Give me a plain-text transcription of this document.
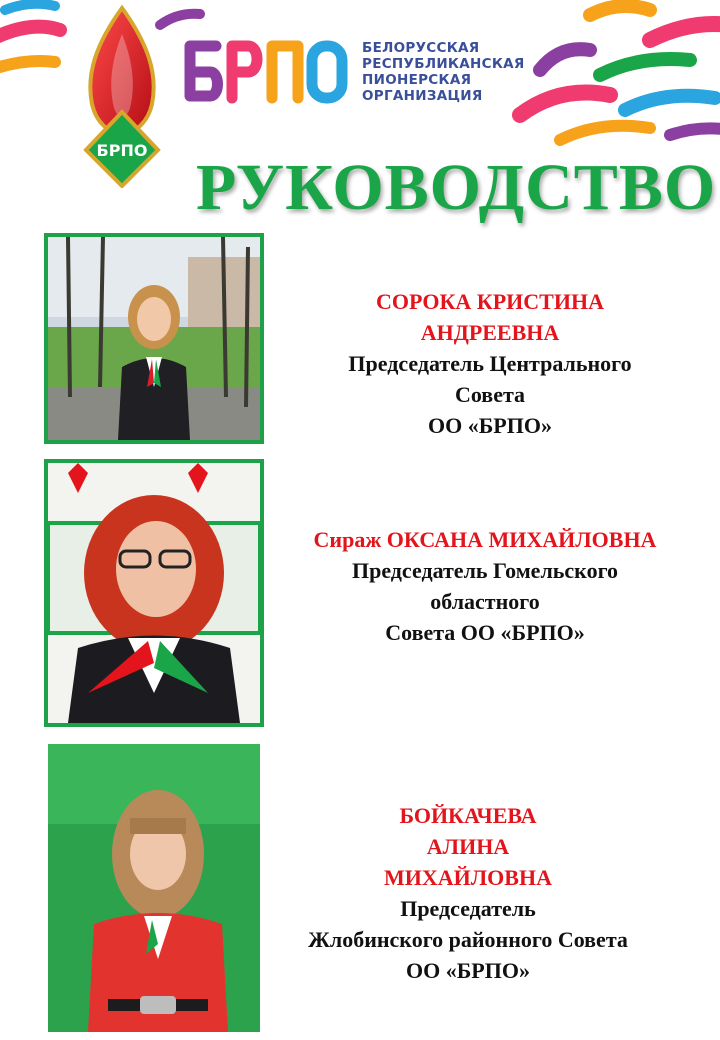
БРПО
БЕЛОРУССКАЯ
РЕСПУБЛИКАНСКАЯ
ПИОНЕРСКАЯ
ОРГАНИЗАЦИЯ
РУКОВОДСТВО
СОРОКА КРИСТИНА
АНДРЕЕВНА
Председатель Центрального
Совета
ОО «БРПО»
Сираж ОКСАНА МИХАЙЛОВНА
Председатель Гомельского
областного
Совета ОО «БРПО»
БОЙКАЧЕВА
АЛИНА
МИХАЙЛОВНА
Председатель
Жлобинского районного Совета
ОО «БРПО»
